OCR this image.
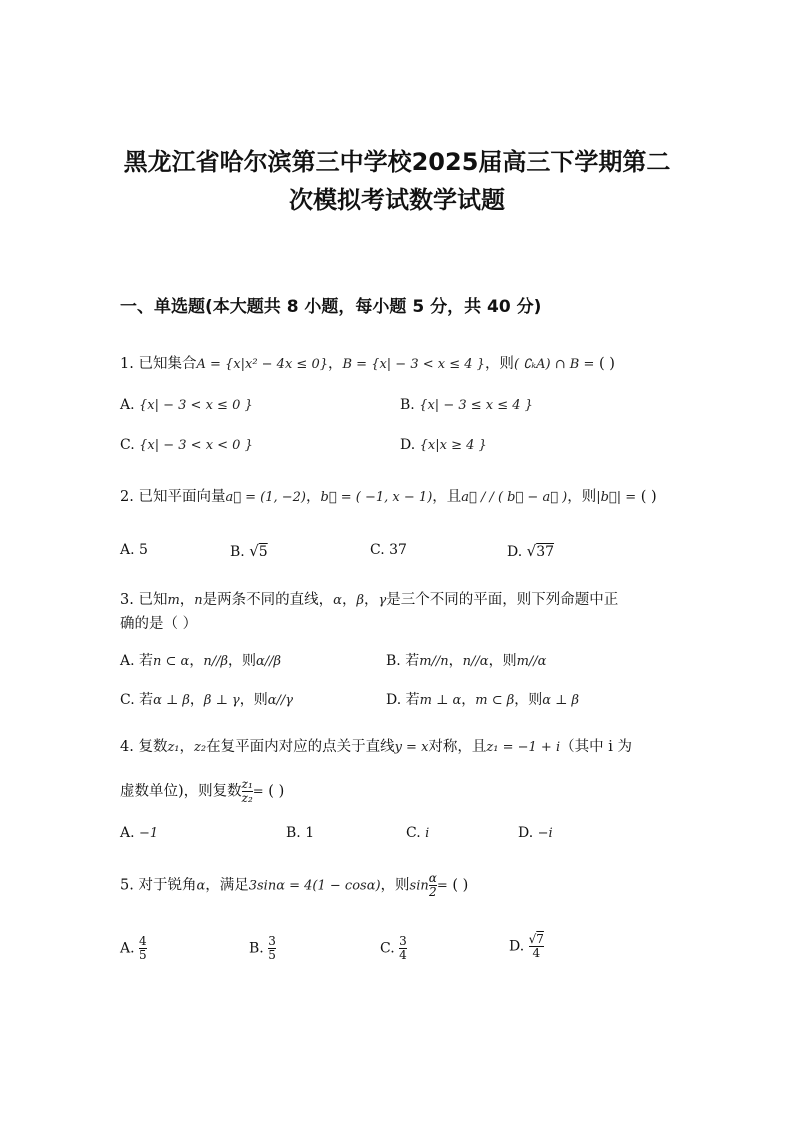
黑龙江省哈尔滨第三中学校2025届高三下学期第二
次模拟考试数学试题
一、单选题(本大题共 8 小题，每小题 5 分，共 40 分)
1. 已知集合A = {x|x² − 4x ≤ 0}，B = {x| − 3 < x ≤ 4 }，则( ∁ₖA) ∩ B = ( )
A. {x| − 3 < x ≤ 0 }	B. {x| − 3 ≤ x ≤ 4 }
C. {x| − 3 < x < 0 }	D. {x|x ≥ 4 }
2. 已知平面向量a⃗ = (1, −2)，b⃗ = ( −1, x − 1)，且a⃗ / / ( b⃗ − a⃗ )，则|b⃗| = ( )
A. 5	B. √5	C. 37	D. √37
3. 已知m，n是两条不同的直线，α，β，γ是三个不同的平面，则下列命题中正
确的是（ ）
A. 若n ⊂ α，n//β，则α//β	B. 若m//n，n//α，则m//α
C. 若α ⊥ β，β ⊥ γ，则α//γ	D. 若m ⊥ α，m ⊂ β，则α ⊥ β
4. 复数z₁，z₂在复平面内对应的点关于直线y = x对称，且z₁ = −1 + i（其中 i 为
虚数单位)，则复数 $\frac{\text{z₁}}{\text{z₂}}$ = ( )
A. −1	B. 1	C. i	D. −i
5. 对于锐角α，满足3sinα = 4(1 − cosα)，则$\sin \frac{\alpha}{2}$ = ( )
A. $\frac{4}{5}$	B. $\frac{3}{5}$	C. $\frac{3}{4}$	D. $\frac{√7}{4}$
